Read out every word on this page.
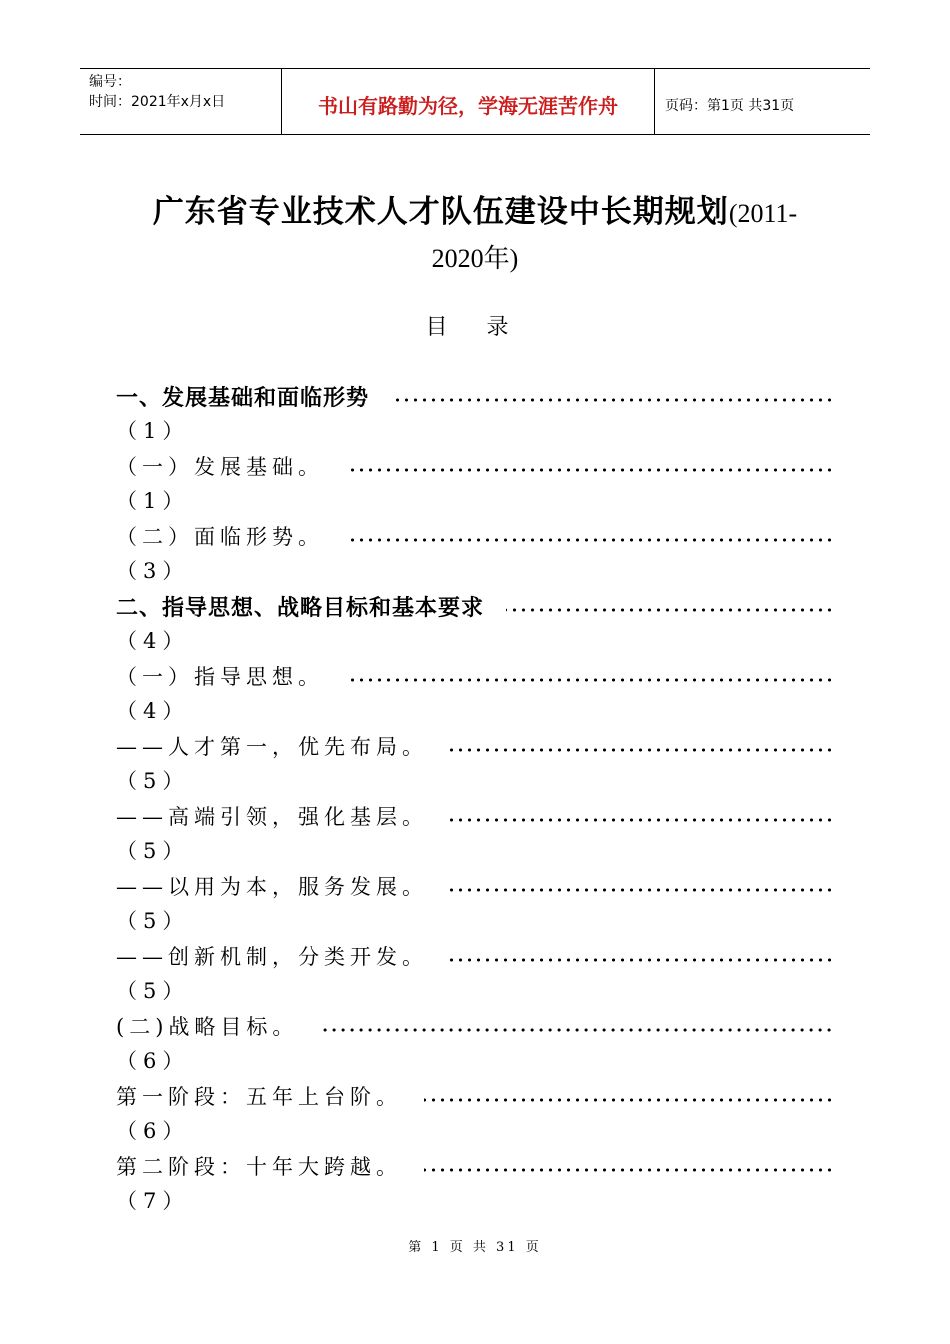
编号：
时间：2021年x月x日	书山有路勤为径，学海无涯苦作舟	页码：第1页 共31页
广东省专业技术人才队伍建设中长期规划(2011-
2020年)
目 录
一、发展基础和面临形势
（1）
（一）发展基础。
（1）
（二）面临形势。
（3）
二、指导思想、战略目标和基本要求
（4）
（一）指导思想。
（4）
——人才第一，优先布局。
（5）
——高端引领，强化基层。
（5）
——以用为本，服务发展。
（5）
——创新机制，分类开发。
（5）
(二)战略目标。
（6）
第一阶段：五年上台阶。
（6）
第二阶段：十年大跨越。
（7）
第 1 页 共 31 页
